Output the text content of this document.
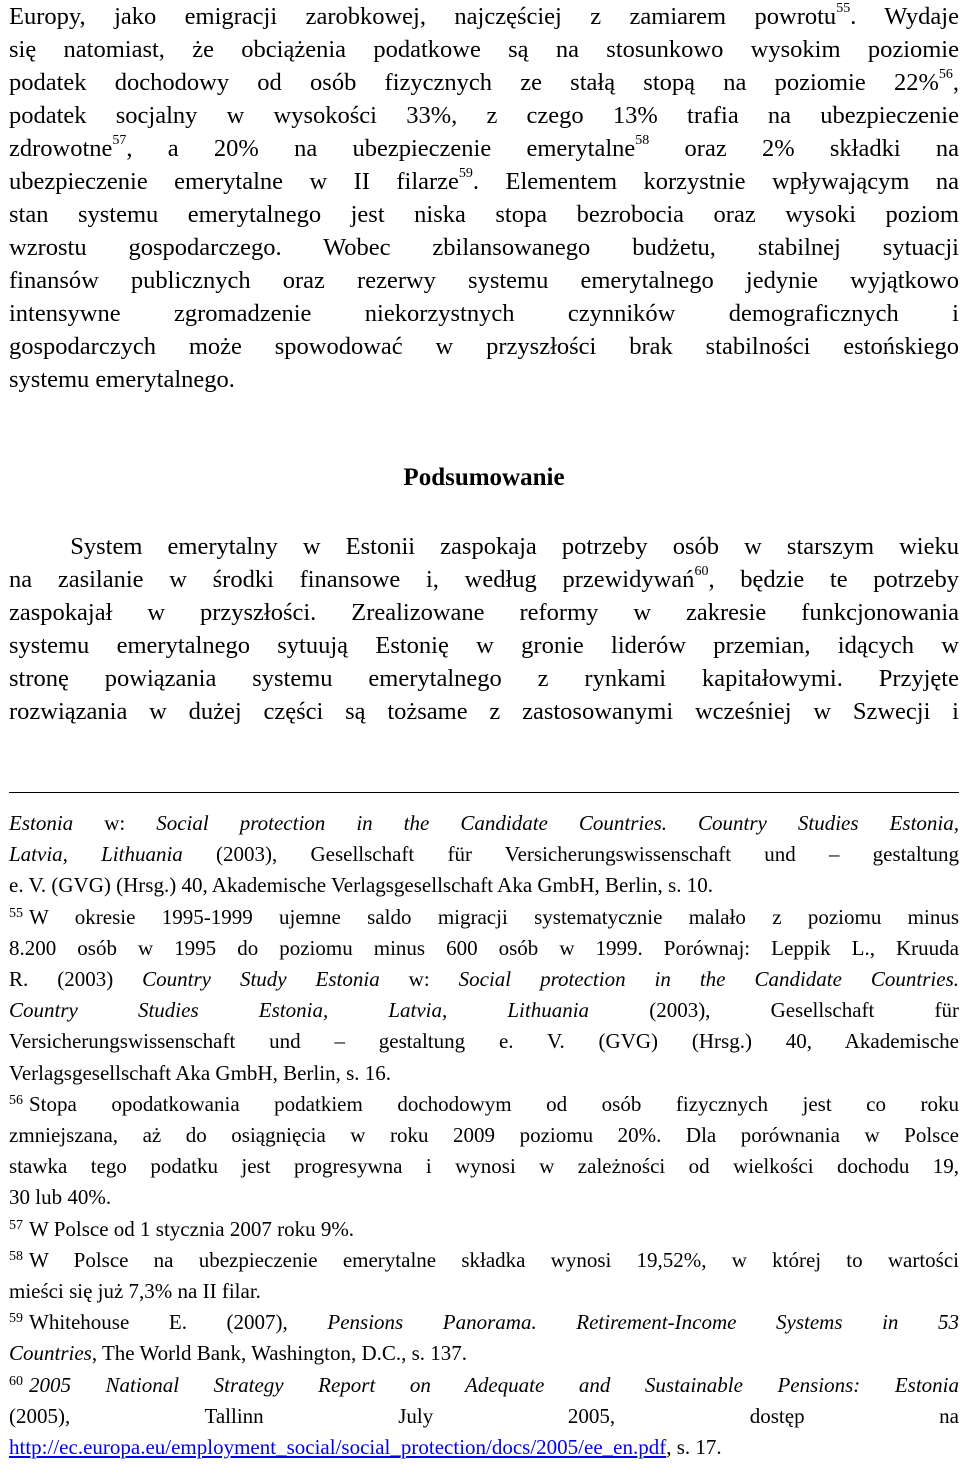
Europy, jako emigracji zarobkowej, najczęściej z zamiarem powrotu$^{55}$. Wydaje

się natomiast, że obciążenia podatkowe są na stosunkowo wysokim poziomie

podatek dochodowy od osób fizycznych ze stałą stopą na poziomie 22%$^{56}$,

podatek socjalny w wysokości 33%, z czego 13% trafia na ubezpieczenie

zdrowotne$^{57}$, a 20% na ubezpieczenie emerytalne$^{58}$ oraz 2% składki na

ubezpieczenie emerytalne w II filarze$^{59}$. Elementem korzystnie wpływającym na

stan systemu emerytalnego jest niska stopa bezrobocia oraz wysoki poziom

wzrostu gospodarczego. Wobec zbilansowanego budżetu, stabilnej sytuacji

finansów publicznych oraz rezerwy systemu emerytalnego jedynie wyjątkowo

intensywne zgromadzenie niekorzystnych czynników demograficznych i

gospodarczych może spowodować w przyszłości brak stabilności estońskiego

systemu emerytalnego.

Podsumowanie

   System emerytalny w Estonii zaspokaja potrzeby osób w starszym wieku

na zasilanie w środki finansowe i, według przewidywań$^{60}$, będzie te potrzeby

zaspokajał w przyszłości. Zrealizowane reformy w zakresie funkcjonowania

systemu emerytalnego sytuują Estonię w gronie liderów przemian, idących w

stronę powiązania systemu emerytalnego z rynkami kapitałowymi. Przyjęte

rozwiązania w dużej części są tożsame z zastosowanymi wcześniej w Szwecji i

Estonia w: Social protection in the Candidate Countries. Country Studies Estonia,

Latvia, Lithuania (2003), Gesellschaft für Versicherungswissenschaft und – gestaltung

e. V. (GVG) (Hrsg.) 40, Akademische Verlagsgesellschaft Aka GmbH, Berlin, s. 10.

$^{55}$ W okresie 1995-1999 ujemne saldo migracji systematycznie malało z poziomu minus

8.200 osób w 1995 do poziomu minus 600 osób w 1999. Porównaj: Leppik L., Kruuda

R. (2003) Country Study Estonia w: Social protection in the Candidate Countries.

Country Studies Estonia, Latvia, Lithuania (2003), Gesellschaft für

Versicherungswissenschaft und – gestaltung e. V. (GVG) (Hrsg.) 40, Akademische

Verlagsgesellschaft Aka GmbH, Berlin, s. 16.

$^{56}$ Stopa opodatkowania podatkiem dochodowym od osób fizycznych jest co roku

zmniejszana, aż do osiągnięcia w roku 2009 poziomu 20%. Dla porównania w Polsce

stawka tego podatku jest progresywna i wynosi w zależności od wielkości dochodu 19,

30 lub 40%.

$^{57}$ W Polsce od 1 stycznia 2007 roku 9%.

$^{58}$ W Polsce na ubezpieczenie emerytalne składka wynosi 19,52%, w której to wartości

mieści się już 7,3% na II filar.

$^{59}$ Whitehouse E. (2007), Pensions Panorama. Retirement-Income Systems in 53

Countries, The World Bank, Washington, D.C., s. 137.

$^{60}$ 2005 National Strategy Report on Adequate and Sustainable Pensions: Estonia

(2005), Tallinn July 2005, dostęp na

http://ec.europa.eu/employment_social/social_protection/docs/2005/ee_en.pdf, s. 17.
